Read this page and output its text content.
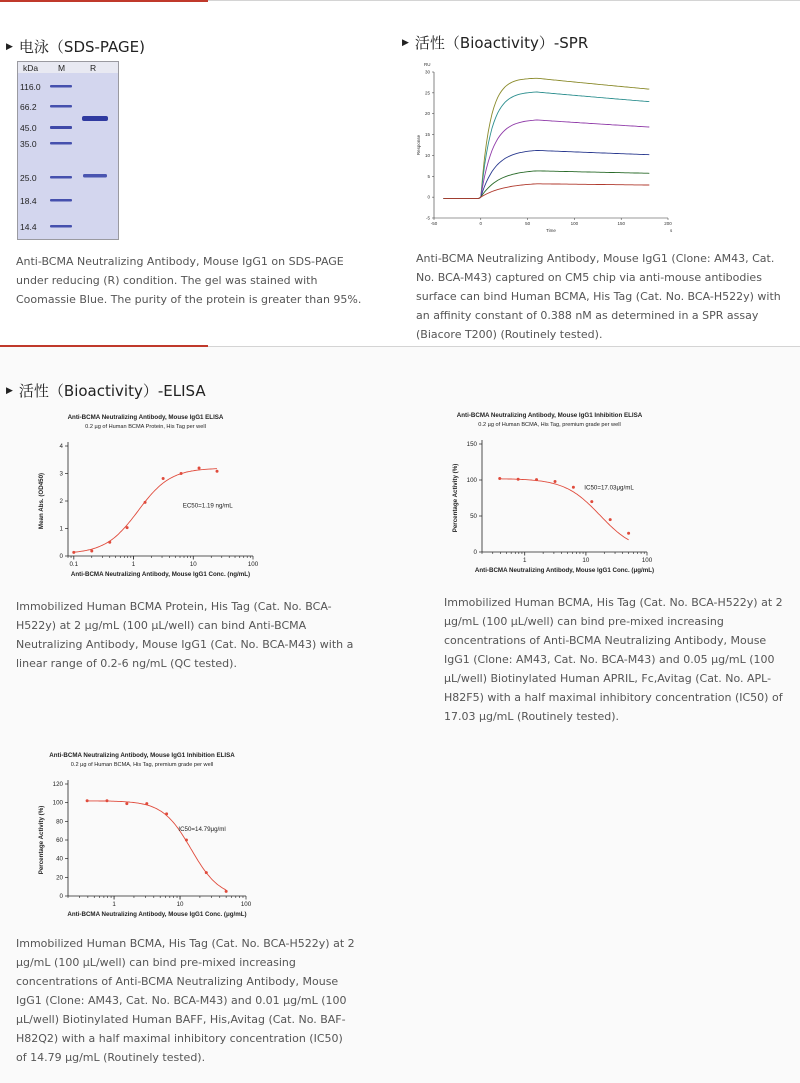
▶ 电泳（SDS-PAGE)
kDa M	R
116.0
66.2
45.0
35.0
25.0
18.4
14.4
Anti-BCMA Neutralizing Antibody, Mouse IgG1 on SDS-PAGE under reducing (R) condition. The gel was stained with Coomassie Blue. The purity of the protein is greater than 95%.
▶ 活性（Bioactivity）-SPR
-5
0
5
10
15
20
25
30
-50	0	50	100	150	200
Response
Time
RU
s
Anti-BCMA Neutralizing Antibody, Mouse IgG1 (Clone: AM43, Cat. No. BCA-M43) captured on CM5 chip via anti-mouse antibodies surface can bind Human BCMA, His Tag (Cat. No. BCA-H522y) with an affinity constant of 0.388 nM as determined in a SPR assay (Biacore T200) (Routinely tested).
▶ 活性（Bioactivity）-ELISA
Anti-BCMA Neutralizing Antibody, Mouse IgG1 ELISA
0.2 µg of Human BCMA Protein, His Tag per well
0
1
2
3
4
0.1	1	10	100
Anti-BCMA Neutralizing Antibody, Mouse IgG1 Conc. (ng/mL)
Mean Abs. (OD450)	EC50=1.19 ng/mL
Immobilized Human BCMA Protein, His Tag (Cat. No. BCA-H522y) at 2 μg/mL (100 μL/well) can bind Anti-BCMA Neutralizing Antibody, Mouse IgG1 (Cat. No. BCA-M43) with a linear range of 0.2-6 ng/mL (QC tested).
Anti-BCMA Neutralizing Antibody, Mouse IgG1 Inhibition ELISA
0.2 µg of Human BCMA, His Tag, premium grade per well
0
50
100
150
1	10	100
Anti-BCMA Neutralizing Antibody, Mouse IgG1 Conc. (μg/mL)
Percentage Activity (%)	IC50=17.03μg/mL
Immobilized Human BCMA, His Tag (Cat. No. BCA-H522y) at 2 μg/mL (100 μL/well) can bind pre-mixed increasing concentrations of Anti-BCMA Neutralizing Antibody, Mouse IgG1 (Clone: AM43, Cat. No. BCA-M43) and 0.05 μg/mL (100 μL/well) Biotinylated Human APRIL, Fc,Avitag (Cat. No. APL-H82F5) with a half maximal inhibitory concentration (IC50) of 17.03 μg/mL (Routinely tested).
Anti-BCMA Neutralizing Antibody, Mouse IgG1 Inhibition ELISA
0.2 µg of Human BCMA, His Tag, premium grade per well
0
20
40
60
80
100
120
1	10	100
Anti-BCMA Neutralizing Antibody, Mouse IgG1 Conc. (μg/mL)
Percentage Activity (%)	IC50=14.79μg/ml
Immobilized Human BCMA, His Tag (Cat. No. BCA-H522y) at 2 μg/mL (100 μL/well) can bind pre-mixed increasing concentrations of Anti-BCMA Neutralizing Antibody, Mouse IgG1 (Clone: AM43, Cat. No. BCA-M43) and 0.01 μg/mL (100 μL/well) Biotinylated Human BAFF, His,Avitag (Cat. No. BAF-H82Q2) with a half maximal inhibitory concentration (IC50) of 14.79 μg/mL (Routinely tested).
